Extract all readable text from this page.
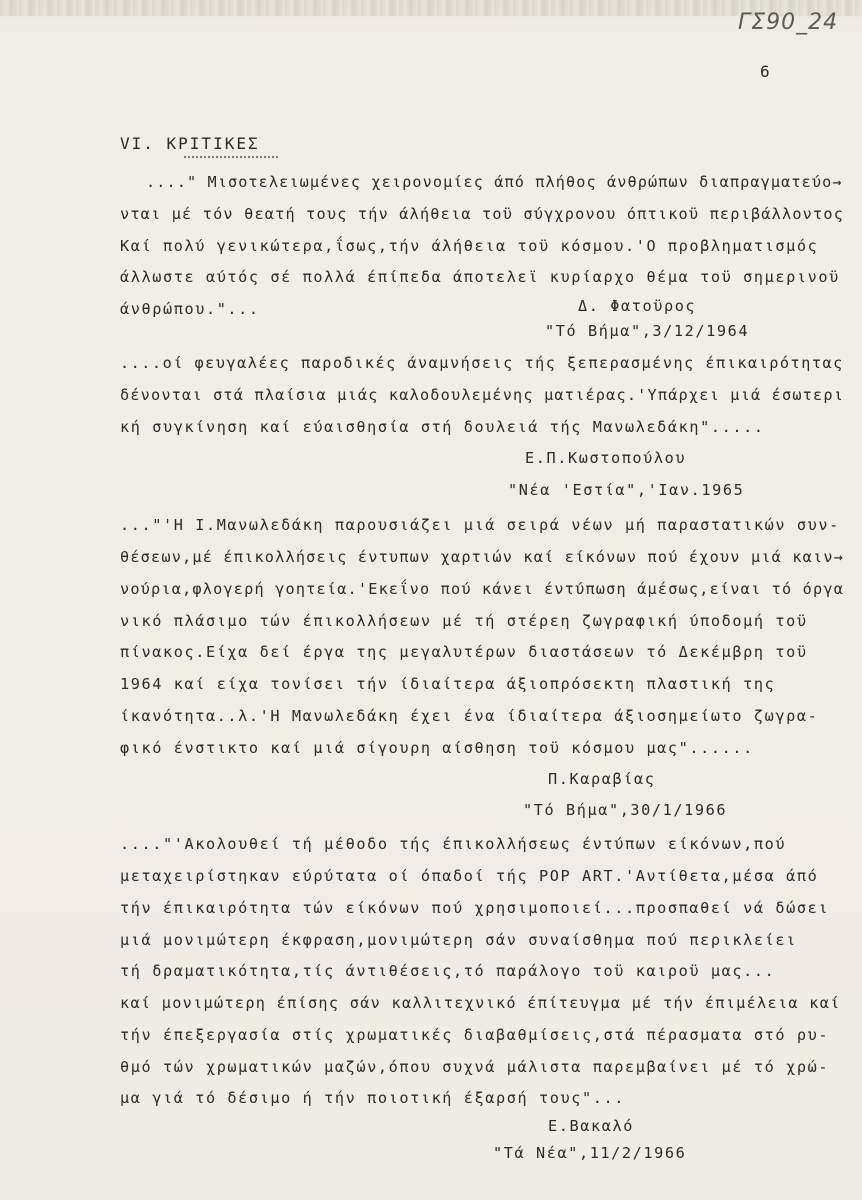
ΓΣ90_24
6
VI. ΚΡΙΤΙΚΕΣ
...." Μισοτελειωμένες χειρονομίες άπό πλήθος άνθρώπων διαπραγματεύο→
νται μέ τόν θεατή τους τήν άλήθεια τοϋ σύγχρονου όπτικοϋ περιβάλλοντος
Καί πολύ γενικώτερα,ΐσως,τήν άλήθεια τοϋ κόσμου.'Ο προβληματισμός
άλλωστε αύτός σέ πολλά έπίπεδα άποτελεϊ κυρίαρχο θέμα τοϋ σημερινοϋ
άνθρώπου."...	Δ. Φατοϋρος
"Τό Βήμα",3/12/1964
....οί φευγαλέες παροδικές άναμνήσεις τής ξεπερασμένης έπικαιρότητας
δένονται στά πλαίσια μιάς καλοδουλεμένης ματιέρας.'Υπάρχει μιά έσωτερι
κή συγκίνηση καί εύαισθησία στή δουλειά τής Μανωλεδάκη".....
Ε.Π.Κωστοπούλου
"Νέα 'Εστία",'Ιαν.1965
..."'Η Ι.Μανωλεδάκη παρουσιάζει μιά σειρά νέων μή παραστατικών συν-
θέσεων,μέ έπικολλήσεις έντυπων χαρτιών καί είκόνων πού έχουν μιά καιν→
νούρια,φλογερή γοητεία.'Εκεΐνο πού κάνει έντύπωση άμέσως,είναι τό όργα
νικό πλάσιμο τών έπικολλήσεων μέ τή στέρεη ζωγραφική ύποδομή τοϋ
πίνακος.Είχα δεί έργα της μεγαλυτέρων διαστάσεων τό Δεκέμβρη τοϋ
1964 καί είχα τονίσει τήν ίδιαίτερα άξιοπρόσεκτη πλαστική της
ίκανότητα..λ.'Η Μανωλεδάκη έχει ένα ίδιαίτερα άξιοσημείωτο ζωγρα-
φικό ένστικτο καί μιά σίγουρη αίσθηση τοϋ κόσμου μας"......
Π.Καραβίας
"Τό Βήμα",30/1/1966
...."'Ακολουθεί τή μέθοδο τής έπικολλήσεως έντύπων είκόνων,πού
μεταχειρίστηκαν εύρύτατα οί όπαδοί τής POP ART.'Αντίθετα,μέσα άπό
τήν έπικαιρότητα τών είκόνων πού χρησιμοποιεί...προσπαθεί νά δώσει
μιά μονιμώτερη έκφραση,μονιμώτερη σάν συναίσθημα πού περικλείει
τή δραματικότητα,τίς άντιθέσεις,τό παράλογο τοϋ καιροϋ μας...
καί μονιμώτερη έπίσης σάν καλλιτεχνικό έπίτευγμα μέ τήν έπιμέλεια καί
τήν έπεξεργασία στίς χρωματικές διαβαθμίσεις,στά πέρασματα στό ρυ-
θμό τών χρωματικών μαζών,όπου συχνά μάλιστα παρεμβαίνει μέ τό χρώ-
μα γιά τό δέσιμο ή τήν ποιοτική έξαρσή τους"...
Ε.Βακαλό
"Τά Νέα",11/2/1966
